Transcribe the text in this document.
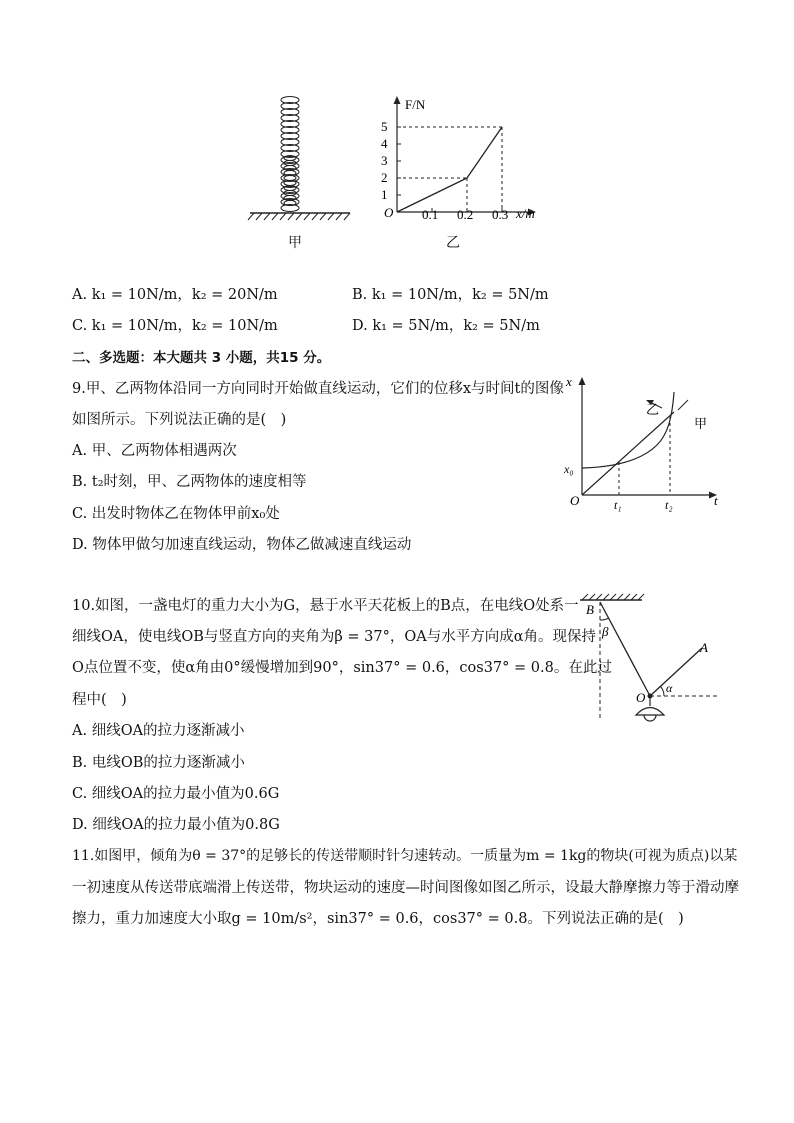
F/N
1
2
3
4
5
O 0.1 0.2 0.3 x/m
甲	乙
A. k₁ = 10N/m，k₂ = 20N/m	B. k₁ = 10N/m，k₂ = 5N/m
C. k₁ = 10N/m，k₂ = 10N/m	D. k₁ = 5N/m，k₂ = 5N/m
二、多选题：本大题共 3 小题，共15 分。
9.甲、乙两物体沿同一方向同时开始做直线运动，它们的位移x与时间t的图像
如图所示。下列说法正确的是(　)
A. 甲、乙两物体相遇两次
B. t₂时刻，甲、乙两物体的速度相等
C. 出发时物体乙在物体甲前x₀处
D. 物体甲做匀加速直线运动，物体乙做减速直线运动
x
t
O
x₀
t₁	t₂
乙
甲
10.如图，一盏电灯的重力大小为G，悬于水平天花板上的B点，在电线O处系一
细线OA，使电线OB与竖直方向的夹角为β = 37°，OA与水平方向成α角。现保持
O点位置不变，使α角由0°缓慢增加到90°，sin37° = 0.6，cos37° = 0.8。在此过
程中(　)
A. 细线OA的拉力逐渐减小
B. 电线OB的拉力逐渐减小
C. 细线OA的拉力最小值为0.6G
D. 细线OA的拉力最小值为0.8G
B
β
A
O
α
11.如图甲，倾角为θ = 37°的足够长的传送带顺时针匀速转动。一质量为m = 1kg的物块(可视为质点)以某
一初速度从传送带底端滑上传送带，物块运动的速度—时间图像如图乙所示，设最大静摩擦力等于滑动摩
擦力，重力加速度大小取g = 10m/s²，sin37° = 0.6，cos37° = 0.8。下列说法正确的是(　)
